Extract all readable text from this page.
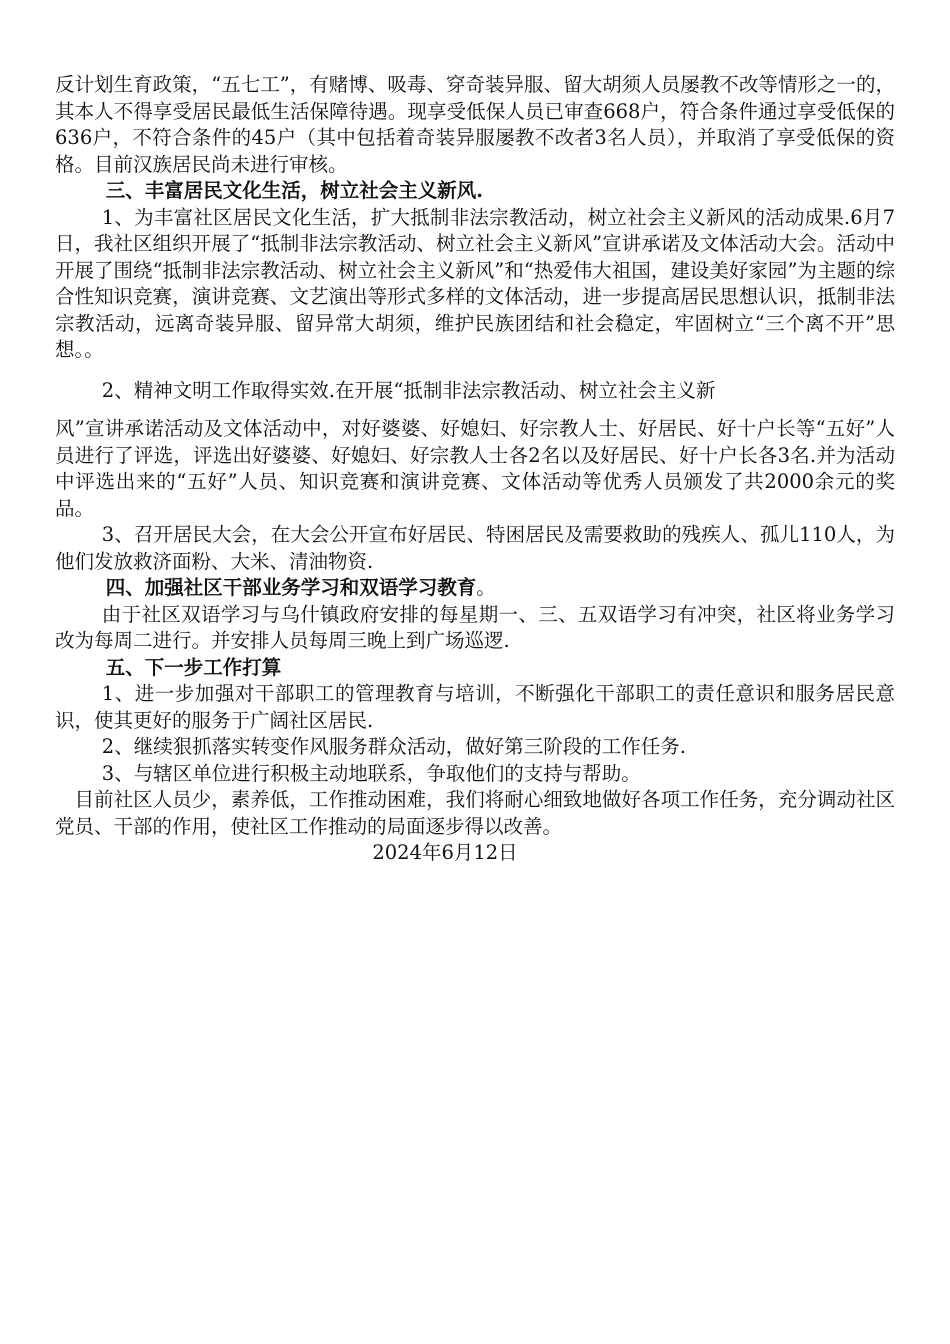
反计划生育政策，“五七工”，有赌博、吸毒、穿奇装异服、留大胡须人员屡教不改等情形之一的，其本人不得享受居民最低生活保障待遇。现享受低保人员已审查668户，符合条件通过享受低保的636户，不符合条件的45户（其中包括着奇装异服屡教不改者3名人员），并取消了享受低保的资格。目前汉族居民尚未进行审核。

三、丰富居民文化生活，树立社会主义新风.

1、为丰富社区居民文化生活，扩大抵制非法宗教活动，树立社会主义新风的活动成果.6月7日，我社区组织开展了“抵制非法宗教活动、树立社会主义新风”宣讲承诺及文体活动大会。活动中开展了围绕“抵制非法宗教活动、树立社会主义新风”和“热爱伟大祖国，建设美好家园”为主题的综合性知识竞赛，演讲竞赛、文艺演出等形式多样的文体活动，进一步提高居民思想认识，抵制非法宗教活动，远离奇装异服、留异常大胡须，维护民族团结和社会稳定，牢固树立“三个离不开”思想。。

2、精神文明工作取得实效.在开展“抵制非法宗教活动、树立社会主义新

风”宣讲承诺活动及文体活动中，对好婆婆、好媳妇、好宗教人士、好居民、好十户长等“五好”人员进行了评选，评选出好婆婆、好媳妇、好宗教人士各2名以及好居民、好十户长各3名.并为活动中评选出来的“五好”人员、知识竞赛和演讲竞赛、文体活动等优秀人员颁发了共2000余元的奖品。

3、召开居民大会，在大会公开宣布好居民、特困居民及需要救助的残疾人、孤儿110人，为他们发放救济面粉、大米、清油物资.

四、加强社区干部业务学习和双语学习教育。

由于社区双语学习与乌什镇政府安排的每星期一、三、五双语学习有冲突，社区将业务学习改为每周二进行。并安排人员每周三晚上到广场巡逻.

五、下一步工作打算

1、进一步加强对干部职工的管理教育与培训，不断强化干部职工的责任意识和服务居民意识，使其更好的服务于广阔社区居民.

2、继续狠抓落实转变作风服务群众活动，做好第三阶段的工作任务.

3、与辖区单位进行积极主动地联系，争取他们的支持与帮助。

目前社区人员少，素养低，工作推动困难，我们将耐心细致地做好各项工作任务，充分调动社区党员、干部的作用，使社区工作推动的局面逐步得以改善。

2024年6月12日
